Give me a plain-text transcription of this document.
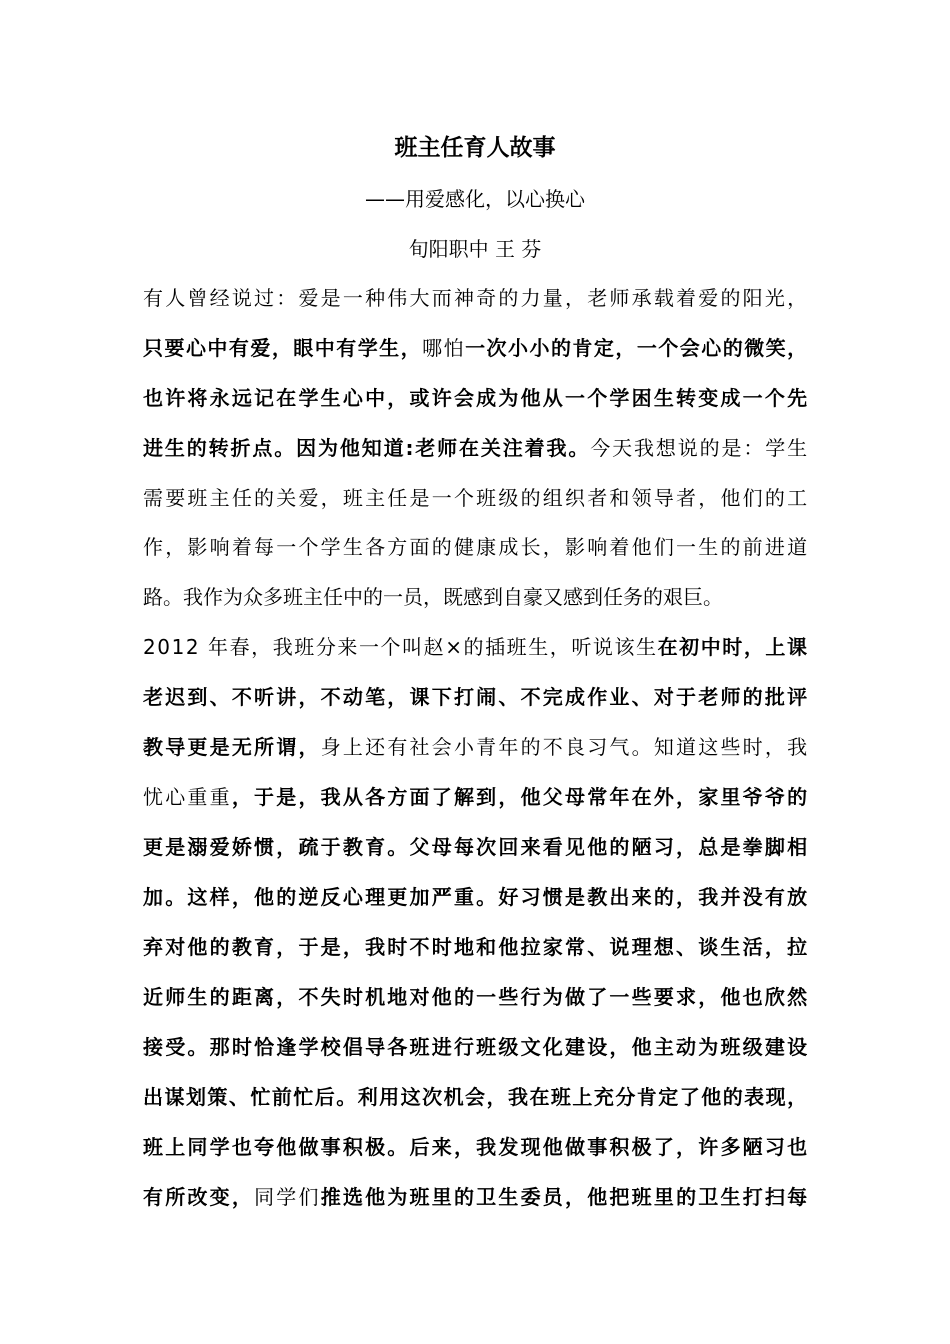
班主任育人故事
——用爱感化，以心换心
旬阳职中 王 芬
有人曾经说过：爱是一种伟大而神奇的力量，老师承载着爱的阳光，
只要心中有爱，眼中有学生，哪怕一次小小的肯定，一个会心的微笑，
也许将永远记在学生心中，或许会成为他从一个学困生转变成一个先
进生的转折点。因为他知道:老师在关注着我。今天我想说的是：学生
需要班主任的关爱，班主任是一个班级的组织者和领导者，他们的工
作，影响着每一个学生各方面的健康成长，影响着他们一生的前进道
路。我作为众多班主任中的一员，既感到自豪又感到任务的艰巨。
2012 年春，我班分来一个叫赵×的插班生，听说该生在初中时，上课
老迟到、不听讲，不动笔，课下打闹、不完成作业、对于老师的批评
教导更是无所谓，身上还有社会小青年的不良习气。知道这些时，我
忧心重重，于是，我从各方面了解到，他父母常年在外，家里爷爷的
更是溺爱娇惯，疏于教育。父母每次回来看见他的陋习，总是拳脚相
加。这样，他的逆反心理更加严重。好习惯是教出来的，我并没有放
弃对他的教育，于是，我时不时地和他拉家常、说理想、谈生活，拉
近师生的距离，不失时机地对他的一些行为做了一些要求，他也欣然
接受。那时恰逢学校倡导各班进行班级文化建设，他主动为班级建设
出谋划策、忙前忙后。利用这次机会，我在班上充分肯定了他的表现，
班上同学也夸他做事积极。后来，我发现他做事积极了，许多陋习也
有所改变，同学们推选他为班里的卫生委员，他把班里的卫生打扫每
